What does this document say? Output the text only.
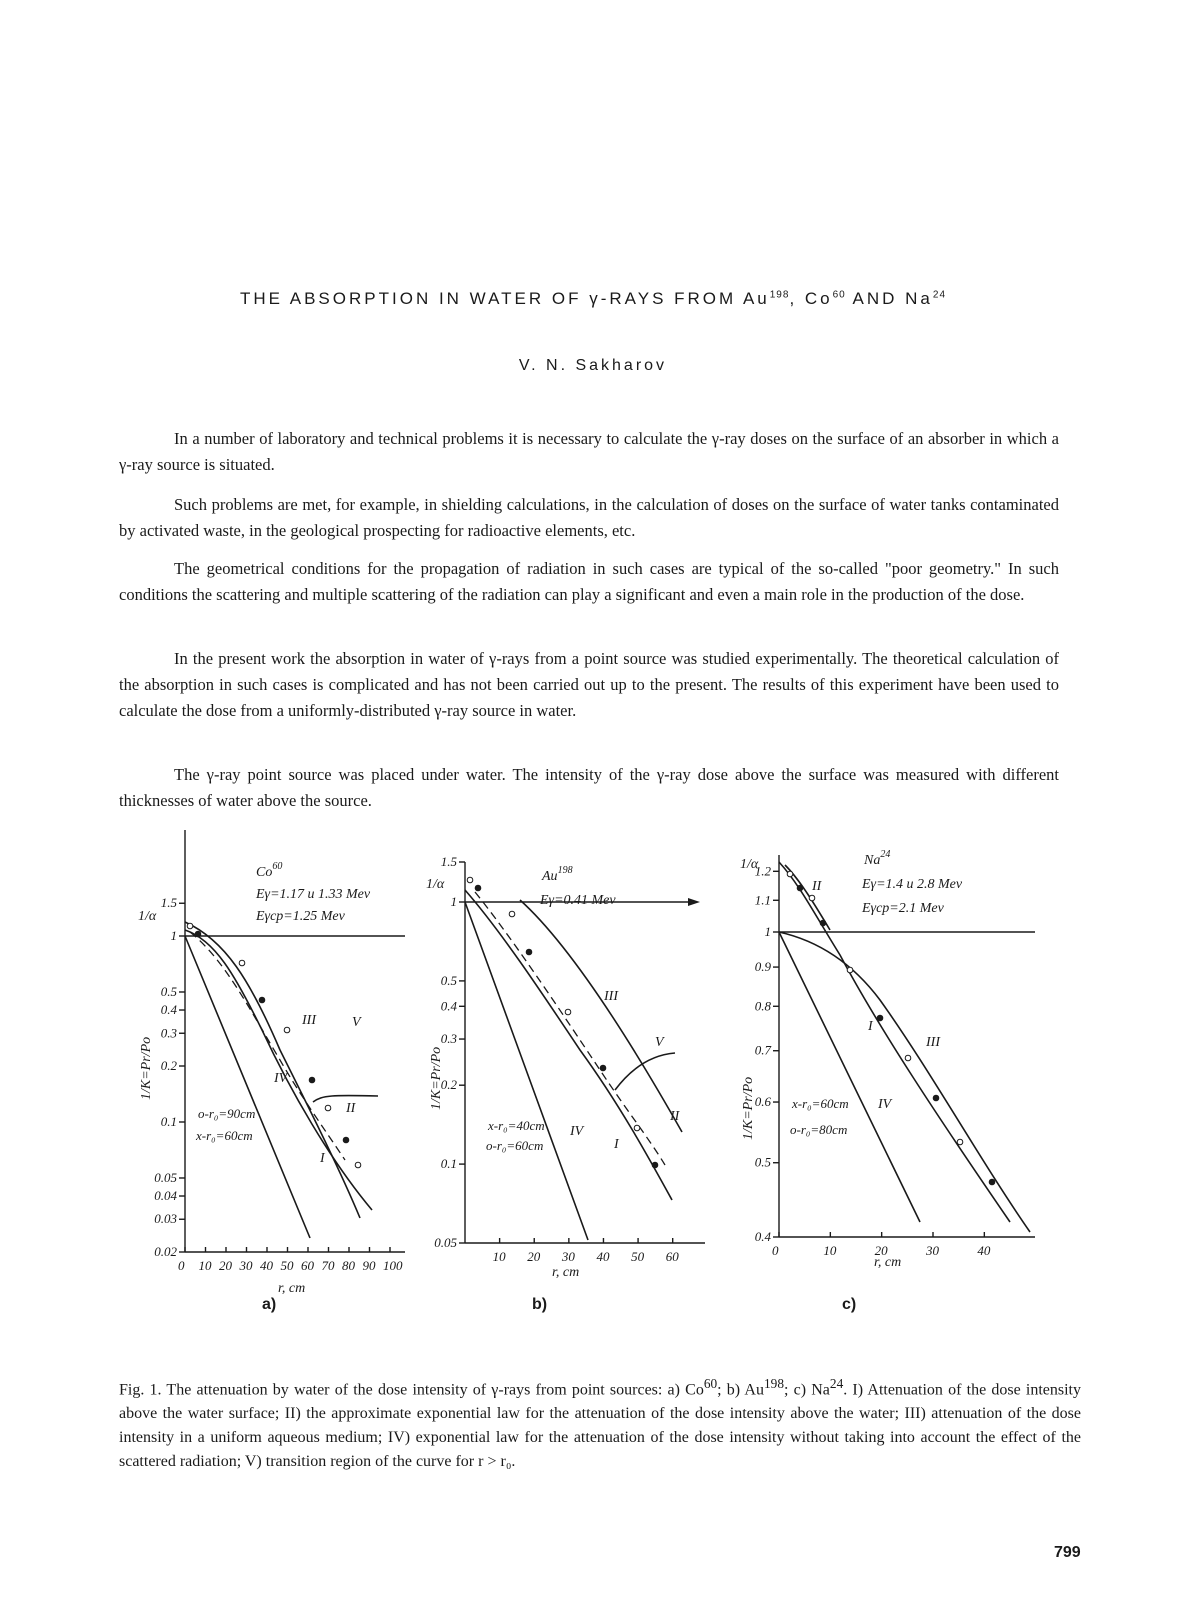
THE ABSORPTION IN WATER OF γ-RAYS FROM Au$^{198}$, Co$^{60}$ AND Na$^{24}$
V. N. Sakharov

In a number of laboratory and technical problems it is necessary to calculate the γ-ray doses on the surface of an absorber in which a γ-ray source is situated.

Such problems are met, for example, in shielding calculations, in the calculation of doses on the surface of water tanks contaminated by activated waste, in the geological prospecting for radioactive elements, etc.

The geometrical conditions for the propagation of radiation in such cases are typical of the so-called "poor geometry." In such conditions the scattering and multiple scattering of the radiation can play a significant and even a main role in the production of the dose.

In the present work the absorption in water of γ-rays from a point source was studied experimentally. The theoretical calculation of the absorption in such cases is complicated and has not been carried out up to the present. The results of this experiment have been used to calculate the dose from a uniformly-distributed γ-ray source in water.

The γ-ray point source was placed under water. The intensity of the γ-ray dose above the surface was measured with different thicknesses of water above the source.

0 10 20 30 40 50 60 70 80 90 100
0.02
0.03
0.04
0.05
0.1
0.2
0.3
0.4
0.5
1
1.5
Co$^{60}$
Eγ=1.17 u 1.33 Mev
Eγcp=1.25 Mev
1/α
1/K=Pr/Po
r, cm
o-r₀=90cm
x-r₀=60cm
I
II
III
IV
V
10 20 30 40 50 60
0.05
0.1
0.2
0.3
0.4
0.5
1
1.5
Au$^{198}$
Eγ=0.41 Mev
1/α
1/K=Pr/Po
r, cm
x-r₀=40cm
o-r₀=60cm	I
II
III
IV
V
0	10	20	30	40
0.4
0.5
0.6
0.7
0.8
0.9
1
1.1
1.2
Na$^{24}$
Eγ=1.4 u 2.8 Mev
Eγcp=2.1 Mev
1/α
1/K=Pr/Po
r, cm
x-r₀=60cm
o-r₀=80cm
I
II
III
IV
a)	b)	c)
Fig. 1. The attenuation by water of the dose intensity of γ-rays from point sources: a) Co$^{60}$; b) Au$^{198}$; c) Na$^{24}$. I) Attenuation of the dose intensity above the water surface; II) the approximate exponential law for the attenuation of the dose intensity above the water; III) attenuation of the dose intensity in a uniform aqueous medium; IV) exponential law for the attenuation of the dose intensity without taking into account the effect of the scattered radiation; V) transition region of the curve for r > r₀.
799
